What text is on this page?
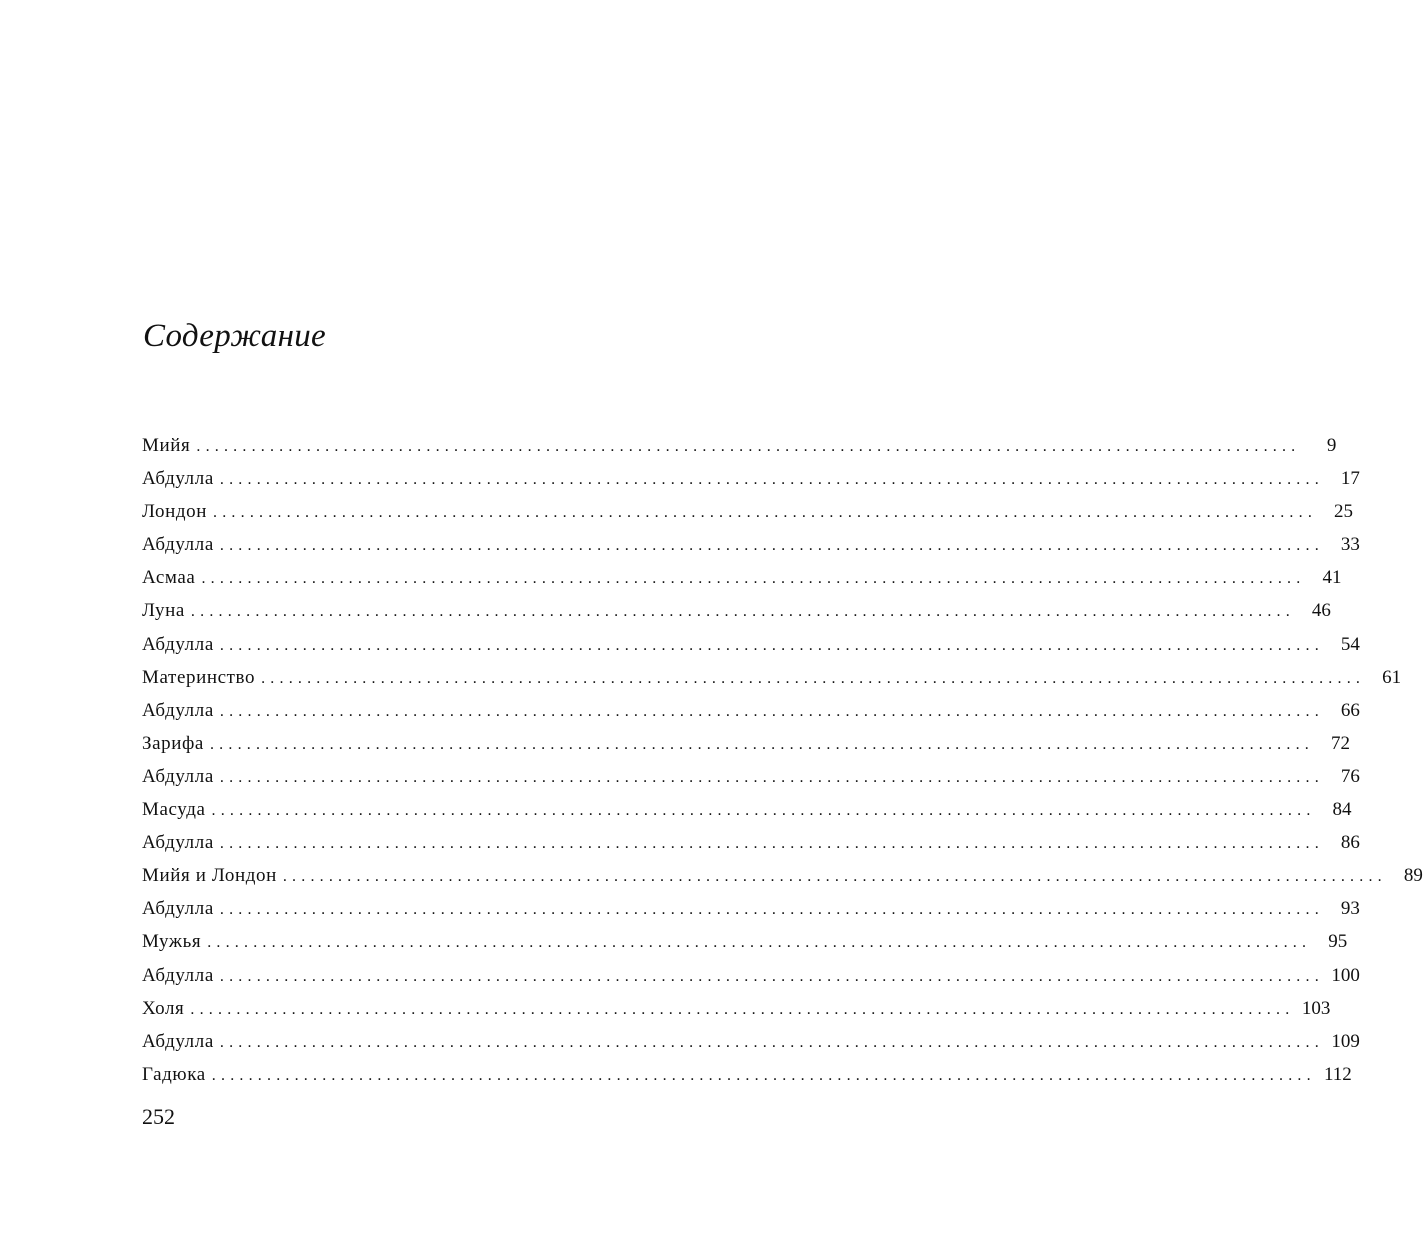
Содержание
Мийя ........................................................................................................................	9
Абдулла ........................................................................................................................ 17
Лондон ........................................................................................................................ 25
Абдулла ........................................................................................................................ 33
Асмаа ........................................................................................................................ 41
Луна ........................................................................................................................ 46
Абдулла ........................................................................................................................ 54
Материнство ........................................................................................................................ 61
Абдулла ........................................................................................................................ 66
Зарифа ........................................................................................................................ 72
Абдулла ........................................................................................................................ 76
Масуда ........................................................................................................................ 84
Абдулла ........................................................................................................................ 86
Мийя и Лондон ........................................................................................................................ 89
Абдулла ........................................................................................................................ 93
Мужья ........................................................................................................................ 95
Абдулла ........................................................................................................................ 100
Холя ........................................................................................................................ 103
Абдулла ........................................................................................................................ 109
Гадюка ........................................................................................................................ 112

252
